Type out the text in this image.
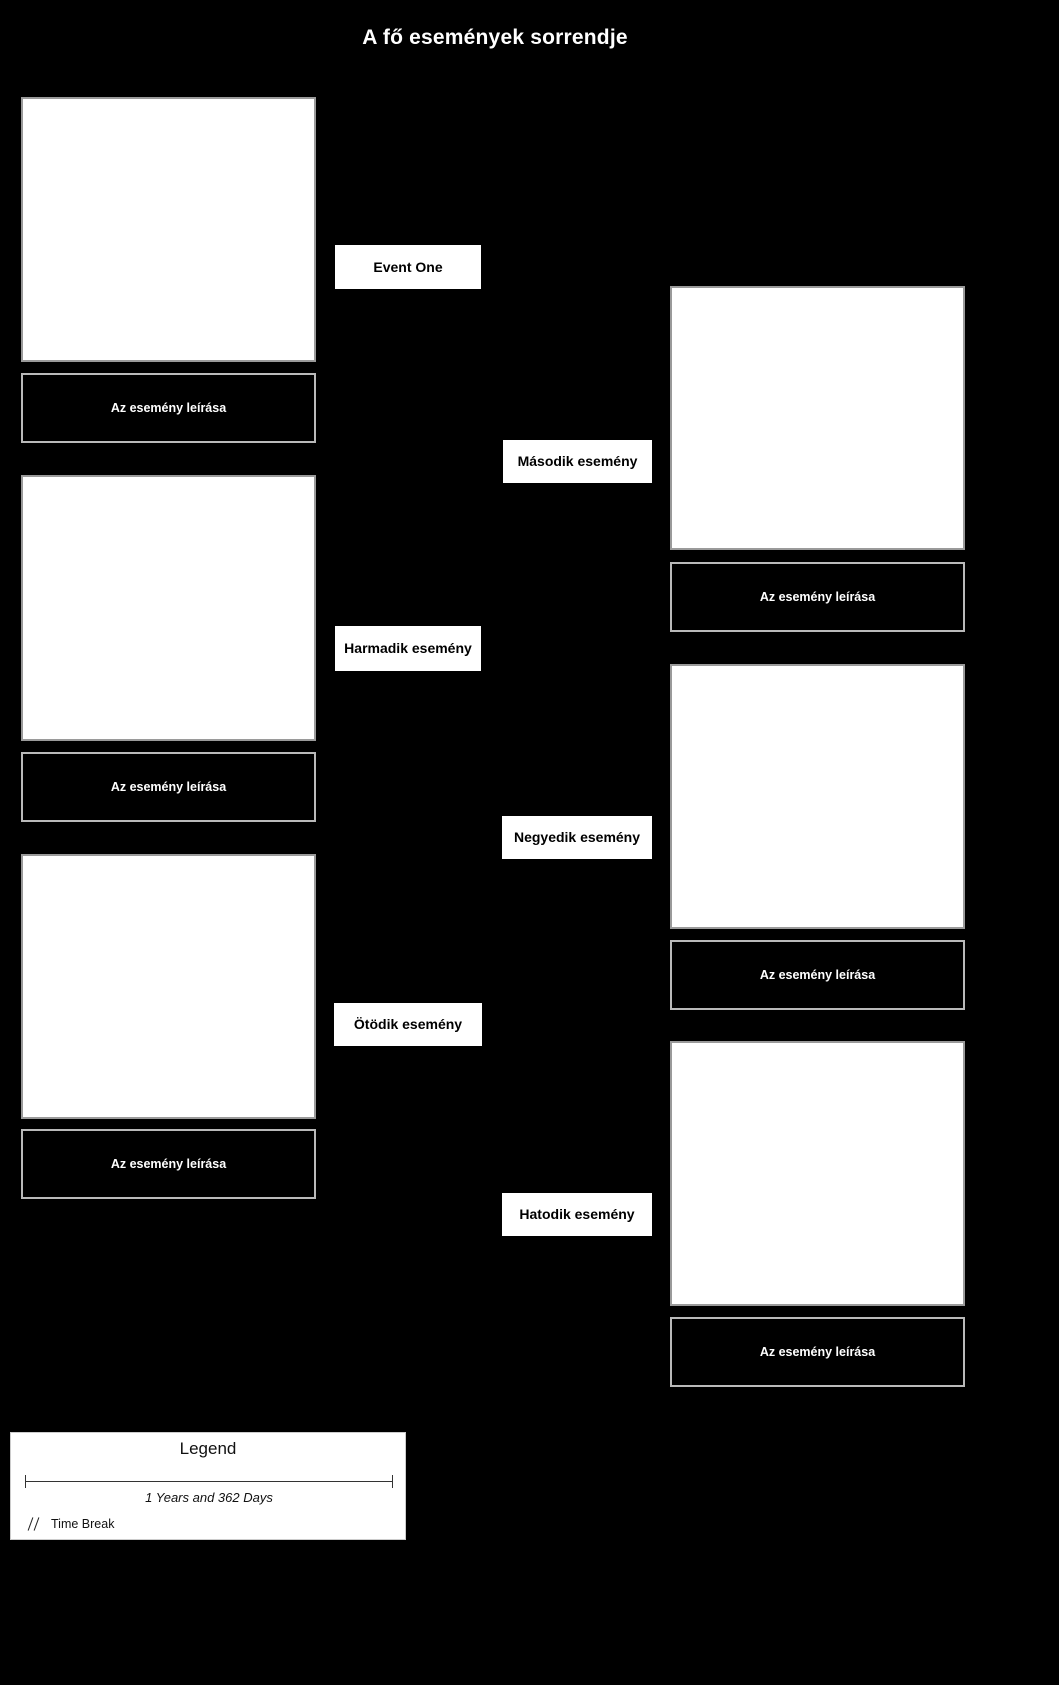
A fő események sorrendje
Az esemény leírása
Event One
Az esemény leírása
Harmadik esemény
Az esemény leírása
Ötödik esemény
Az esemény leírása
Második esemény
Az esemény leírása
Negyedik esemény
Az esemény leírása
Hatodik esemény
Legend
1 Years and 362 Days
Time Break
